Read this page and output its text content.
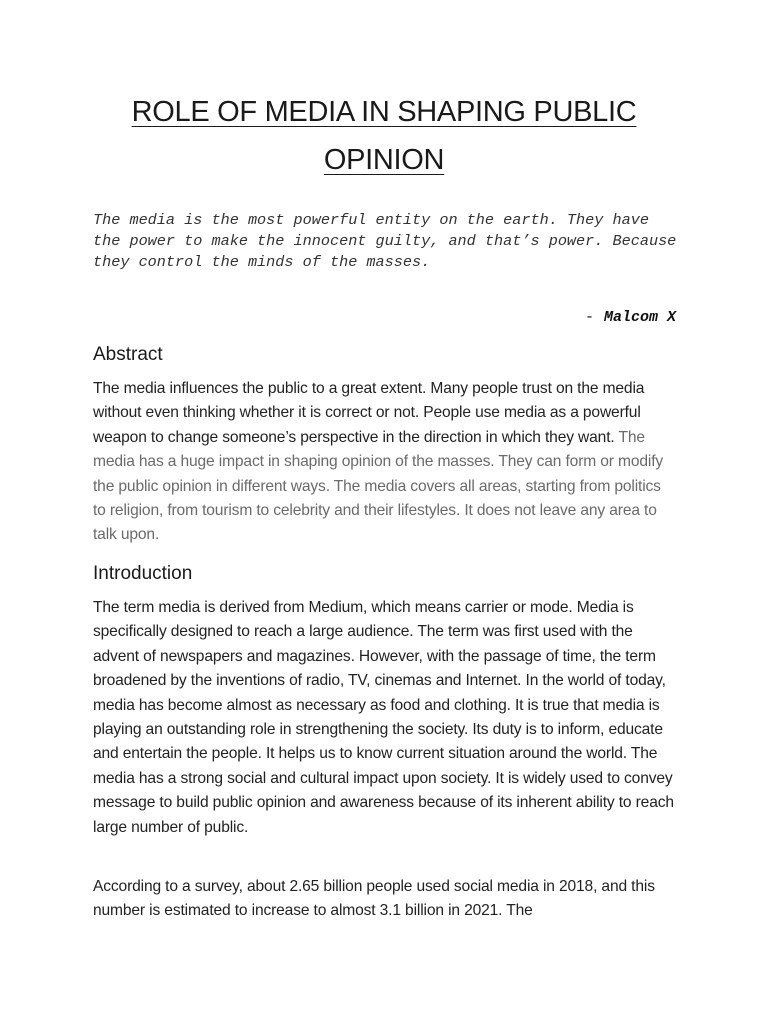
ROLE OF MEDIA IN SHAPING PUBLIC OPINION

The media is the most powerful entity on the earth. They have the power to make the innocent guilty, and that’s power. Because they control the minds of the masses.

- Malcom X
Abstract

The media influences the public to a great extent. Many people trust on the media without even thinking whether it is correct or not. People use media as a powerful weapon to change someone’s perspective in the direction in which they want. The media has a huge impact in shaping opinion of the masses. They can form or modify the public opinion in different ways. The media covers all areas, starting from politics to religion, from tourism to celebrity and their lifestyles. It does not leave any area to talk upon.

Introduction

The term media is derived from Medium, which means carrier or mode. Media is specifically designed to reach a large audience. The term was first used with the advent of newspapers and magazines. However, with the passage of time, the term broadened by the inventions of radio, TV, cinemas and Internet. In the world of today, media has become almost as necessary as food and clothing. It is true that media is playing an outstanding role in strengthening the society. Its duty is to inform, educate and entertain the people. It helps us to know current situation around the world. The media has a strong social and cultural impact upon society. It is widely used to convey message to build public opinion and awareness because of its inherent ability to reach large number of public.

According to a survey, about 2.65 billion people used social media in 2018, and this number is estimated to increase to almost 3.1 billion in 2021. The
